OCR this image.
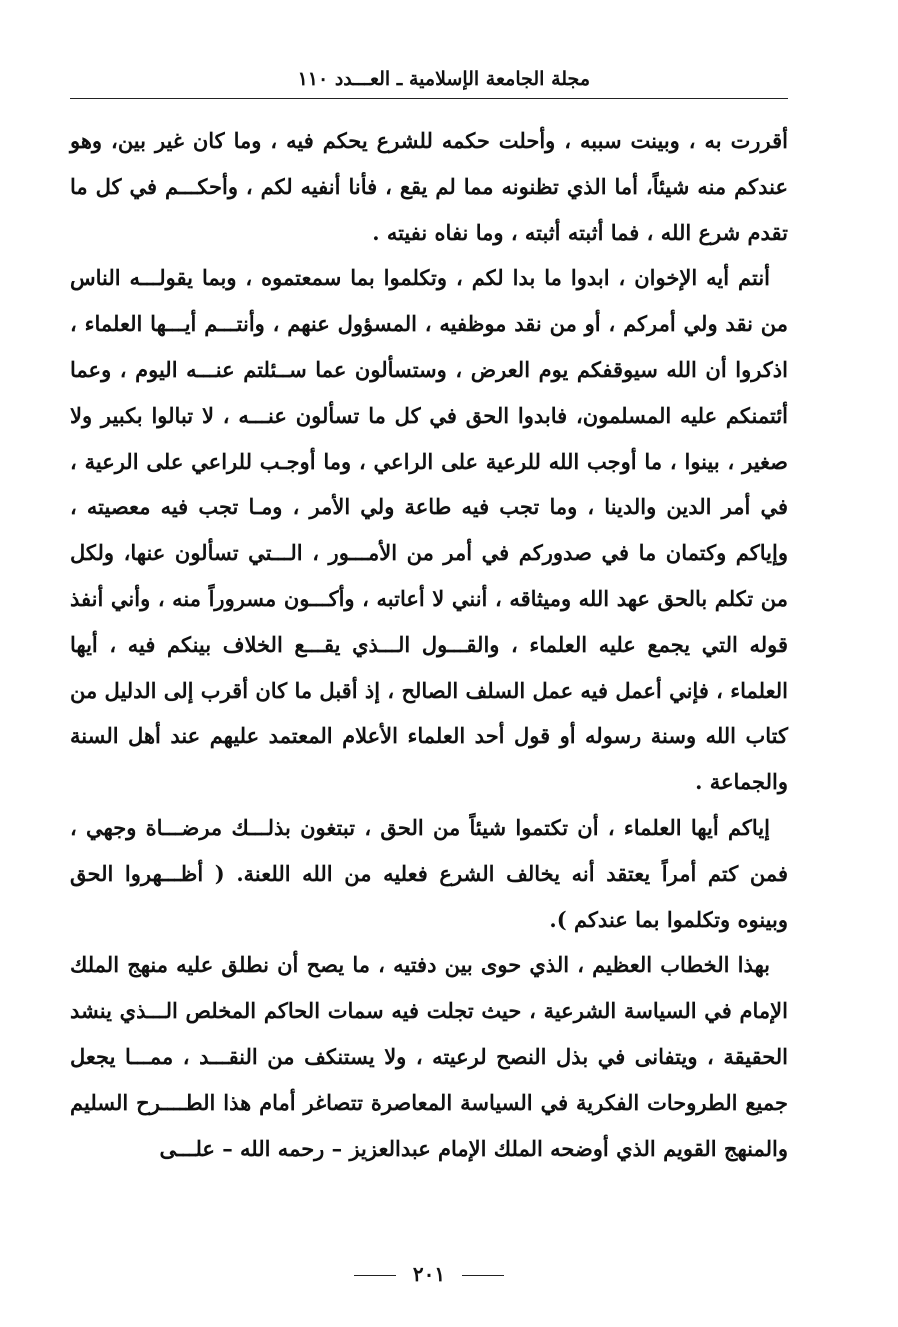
مجلة الجامعة الإسلامية ـ العـــدد ١١٠

أقررت به ، وبينت سببه ، وأحلت حكمه للشرع يحكم فيه ، وما كان غير بين، وهو عندكم منه شيئاً، أما الذي تظنونه مما لم يقع ، فأنا أنفيه لكم ، وأحكـــم في كل ما تقدم شرع الله ، فما أثبته أثبته ، وما نفاه نفيته .

أنتم أيه الإخوان ، ابدوا ما بدا لكم ، وتكلموا بما سمعتموه ، وبما يقولـــه الناس من نقد ولي أمركم ، أو من نقد موظفيه ، المسؤول عنهم ، وأنتـــم أيـــها العلماء ، اذكروا أن الله سيوقفكم يوم العرض ، وستسألون عما ســئلتم عنـــه اليوم ، وعما أئتمنكم عليه المسلمون، فابدوا الحق في كل ما تسألون عنـــه ، لا تبالوا بكبير ولا صغير ، بينوا ، ما أوجب الله للرعية على الراعي ، وما أوجـب للراعي على الرعية ، في أمر الدين والدينا ، وما تجب فيه طاعة ولي الأمر ، ومـا تجب فيه معصيته ، وإياكم وكتمان ما في صدوركم في أمر من الأمـــور ، الـــتي تسألون عنها، ولكل من تكلم بالحق عهد الله وميثاقه ، أنني لا أعاتبه ، وأكـــون مسروراً منه ، وأني أنفذ قوله التي يجمع عليه العلماء ، والقـــول الـــذي يقـــع الخلاف بينكم فيه ، أيها العلماء ، فإني أعمل فيه عمل السلف الصالح ، إذ أقبل ما كان أقرب إلى الدليل من كتاب الله وسنة رسوله أو قول أحد العلماء الأعلام المعتمد عليهم عند أهل السنة والجماعة .

إياكم أيها العلماء ، أن تكتموا شيئاً من الحق ، تبتغون بذلـــك مرضـــاة وجهي ، فمن كتم أمراً يعتقد أنه يخالف الشرع فعليه من الله اللعنة. ( أظـــهروا الحق وبينوه وتكلموا بما عندكم ).

بهذا الخطاب العظيم ، الذي حوى بين دفتيه ، ما يصح أن نطلق عليه منهج الملك الإمام في السياسة الشرعية ، حيث تجلت فيه سمات الحاكم المخلص الـــذي ينشد الحقيقة ، ويتفانى في بذل النصح لرعيته ، ولا يستنكف من النقـــد ، ممـــا يجعل جميع الطروحات الفكرية في السياسة المعاصرة تتصاغر أمام هذا الطــــرح السليم والمنهج القويم الذي أوضحه الملك الإمام عبدالعزيز – رحمه الله – علـــى

٢٠١
